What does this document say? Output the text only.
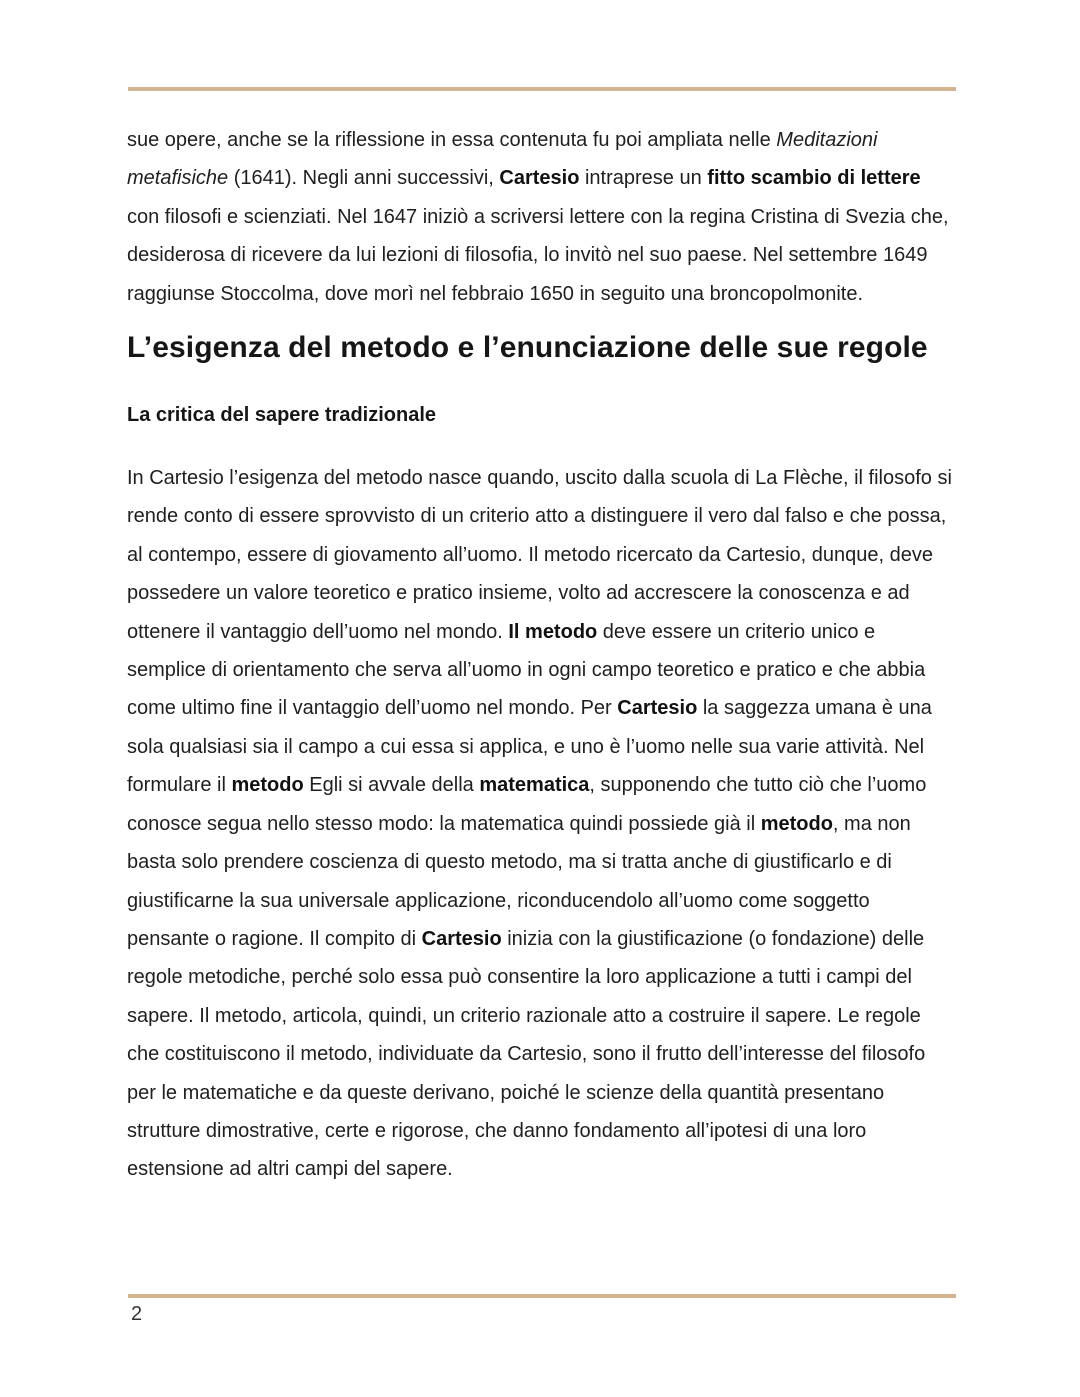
sue opere, anche se la riflessione in essa contenuta fu poi ampliata nelle Meditazioni metafisiche (1641). Negli anni successivi, Cartesio intraprese un fitto scambio di lettere con filosofi e scienziati. Nel 1647 iniziò a scriversi lettere con la regina Cristina di Svezia che, desiderosa di ricevere da lui lezioni di filosofia, lo invitò nel suo paese. Nel settembre 1649 raggiunse Stoccolma, dove morì nel febbraio 1650 in seguito una broncopolmonite.

L’esigenza del metodo e l’enunciazione delle sue regole
La critica del sapere tradizionale

In Cartesio l’esigenza del metodo nasce quando, uscito dalla scuola di La Flèche, il filosofo si rende conto di essere sprovvisto di un criterio atto a distinguere il vero dal falso e che possa, al contempo, essere di giovamento all’uomo. Il metodo ricercato da Cartesio, dunque, deve possedere un valore teoretico e pratico insieme, volto ad accrescere la conoscenza e ad ottenere il vantaggio dell’uomo nel mondo. Il metodo deve essere un criterio unico e semplice di orientamento che serva all’uomo in ogni campo teoretico e pratico e che abbia come ultimo fine il vantaggio dell’uomo nel mondo. Per Cartesio la saggezza umana è una sola qualsiasi sia il campo a cui essa si applica, e uno è l’uomo nelle sua varie attività. Nel formulare il metodo Egli si avvale della matematica, supponendo che tutto ciò che l’uomo conosce segua nello stesso modo: la matematica quindi possiede già il metodo, ma non basta solo prendere coscienza di questo metodo, ma si tratta anche di giustificarlo e di giustificarne la sua universale applicazione, riconducendolo all’uomo come soggetto pensante o ragione. Il compito di Cartesio inizia con la giustificazione (o fondazione) delle regole metodiche, perché solo essa può consentire la loro applicazione a tutti i campi del sapere. Il metodo, articola, quindi, un criterio razionale atto a costruire il sapere. Le regole che costituiscono il metodo, individuate da Cartesio, sono il frutto dell’interesse del filosofo per le matematiche e da queste derivano, poiché le scienze della quantità presentano strutture dimostrative, certe e rigorose, che danno fondamento all’ipotesi di una loro estensione ad altri campi del sapere.

2
